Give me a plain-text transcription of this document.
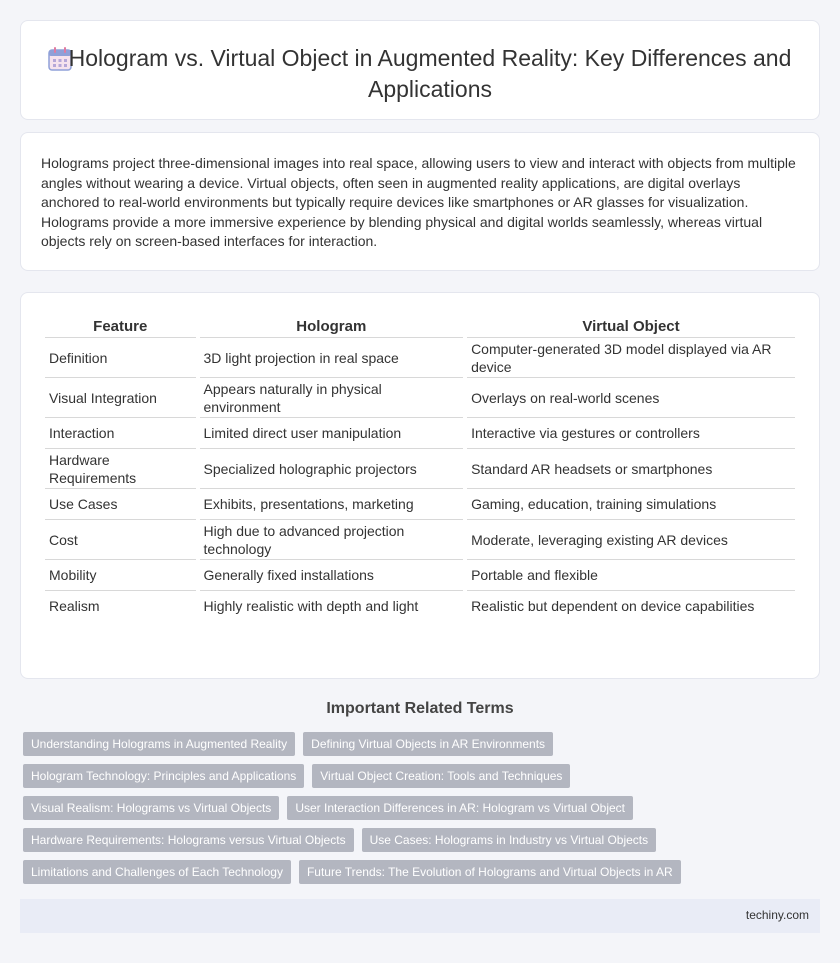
Hologram vs. Virtual Object in Augmented Reality: Key Differences and Applications

Holograms project three-dimensional images into real space, allowing users to view and interact with objects from multiple angles without wearing a device. Virtual objects, often seen in augmented reality applications, are digital overlays anchored to real-world environments but typically require devices like smartphones or AR glasses for visualization. Holograms provide a more immersive experience by blending physical and digital worlds seamlessly, whereas virtual objects rely on screen-based interfaces for interaction.

Feature	Hologram	Virtual Object
Definition	3D light projection in real space	Computer-generated 3D model displayed via AR device
Visual Integration	Appears naturally in physical environment	Overlays on real-world scenes
Interaction	Limited direct user manipulation	Interactive via gestures or controllers
Hardware Requirements	Specialized holographic projectors	Standard AR headsets or smartphones
Use Cases	Exhibits, presentations, marketing	Gaming, education, training simulations
Cost	High due to advanced projection technology	Moderate, leveraging existing AR devices
Mobility	Generally fixed installations	Portable and flexible
Realism	Highly realistic with depth and light	Realistic but dependent on device capabilities
Important Related Terms
Understanding Holograms in Augmented Reality	Defining Virtual Objects in AR Environments
Hologram Technology: Principles and Applications	Virtual Object Creation: Tools and Techniques
Visual Realism: Holograms vs Virtual Objects	User Interaction Differences in AR: Hologram vs Virtual Object
Hardware Requirements: Holograms versus Virtual Objects	Use Cases: Holograms in Industry vs Virtual Objects
Limitations and Challenges of Each Technology	Future Trends: The Evolution of Holograms and Virtual Objects in AR
techiny.com
